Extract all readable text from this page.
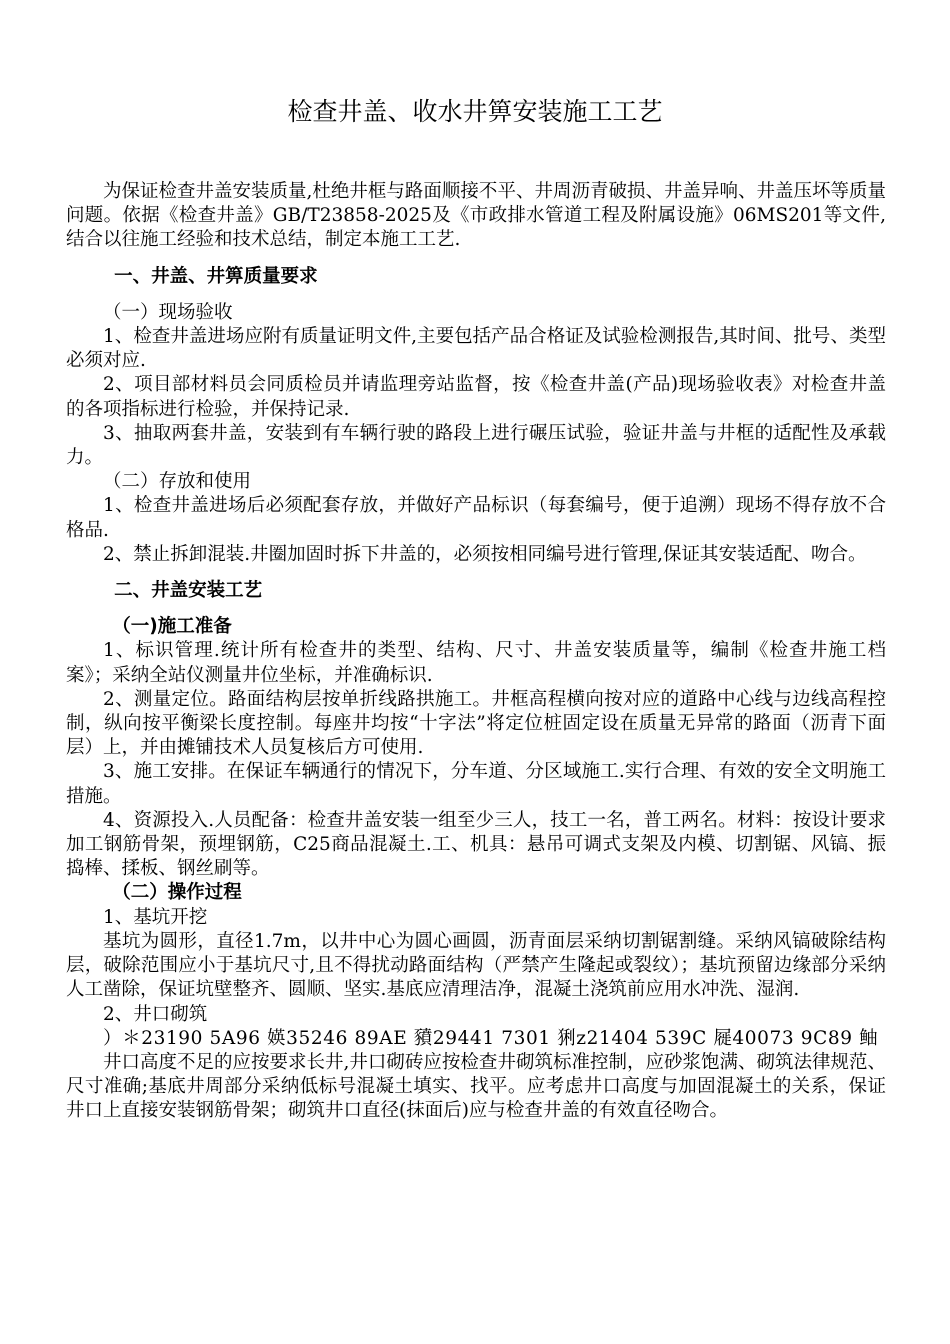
检查井盖、收水井箅安装施工工艺

为保证检查井盖安装质量,杜绝井框与路面顺接不平、井周沥青破损、井盖异响、井盖压坏等质量问题。依据《检查井盖》GB/T23858-2025及《市政排水管道工程及附属设施》06MS201等文件,结合以往施工经验和技术总结，制定本施工工艺.

一、井盖、井箅质量要求

（一）现场验收

1、检查井盖进场应附有质量证明文件,主要包括产品合格证及试验检测报告,其时间、批号、类型必须对应.

2、项目部材料员会同质检员并请监理旁站监督，按《检查井盖(产品)现场验收表》对检查井盖的各项指标进行检验，并保持记录.

3、抽取两套井盖，安装到有车辆行驶的路段上进行碾压试验，验证井盖与井框的适配性及承载力。

（二）存放和使用

1、检查井盖进场后必须配套存放，并做好产品标识（每套编号，便于追溯）现场不得存放不合格品.

2、禁止拆卸混装.井圈加固时拆下井盖的，必须按相同编号进行管理,保证其安装适配、吻合。

二、井盖安装工艺

（一)施工准备

1、标识管理.统计所有检查井的类型、结构、尺寸、井盖安装质量等，编制《检查井施工档案》；采纳全站仪测量井位坐标，并准确标识.

2、测量定位。路面结构层按单折线路拱施工。井框高程横向按对应的道路中心线与边线高程控制，纵向按平衡梁长度控制。每座井均按“十字法”将定位桩固定设在质量无异常的路面（沥青下面层）上，并由摊铺技术人员复核后方可使用.

3、施工安排。在保证车辆通行的情况下，分车道、分区域施工.实行合理、有效的安全文明施工措施。

4、资源投入.人员配备：检查井盖安装一组至少三人，技工一名，普工两名。材料：按设计要求加工钢筋骨架，预埋钢筋，C25商品混凝土.工、机具：悬吊可调式支架及内模、切割锯、风镐、振捣棒、揉板、钢丝刷等。

（二）操作过程

1、基坑开挖

基坑为圆形，直径1.7m，以井中心为圆心画圆，沥青面层采纳切割锯割缝。采纳风镐破除结构层，破除范围应小于基坑尺寸,且不得扰动路面结构（严禁产生隆起或裂纹）；基坑预留边缘部分采纳人工凿除，保证坑壁整齐、圆顺、坚实.基底应清理洁净，混凝土浇筑前应用水冲洗、湿润.

2、井口砌筑

）＊23190 5A96 媖35246 89AE 豶29441 7301 猁z21404 539C 屣40073 9C89 鲉

井口高度不足的应按要求长井,井口砌砖应按检查井砌筑标准控制，应砂浆饱满、砌筑法律规范、尺寸准确;基底井周部分采纳低标号混凝土填实、找平。应考虑井口高度与加固混凝土的关系，保证井口上直接安装钢筋骨架；砌筑井口直径(抹面后)应与检查井盖的有效直径吻合。
